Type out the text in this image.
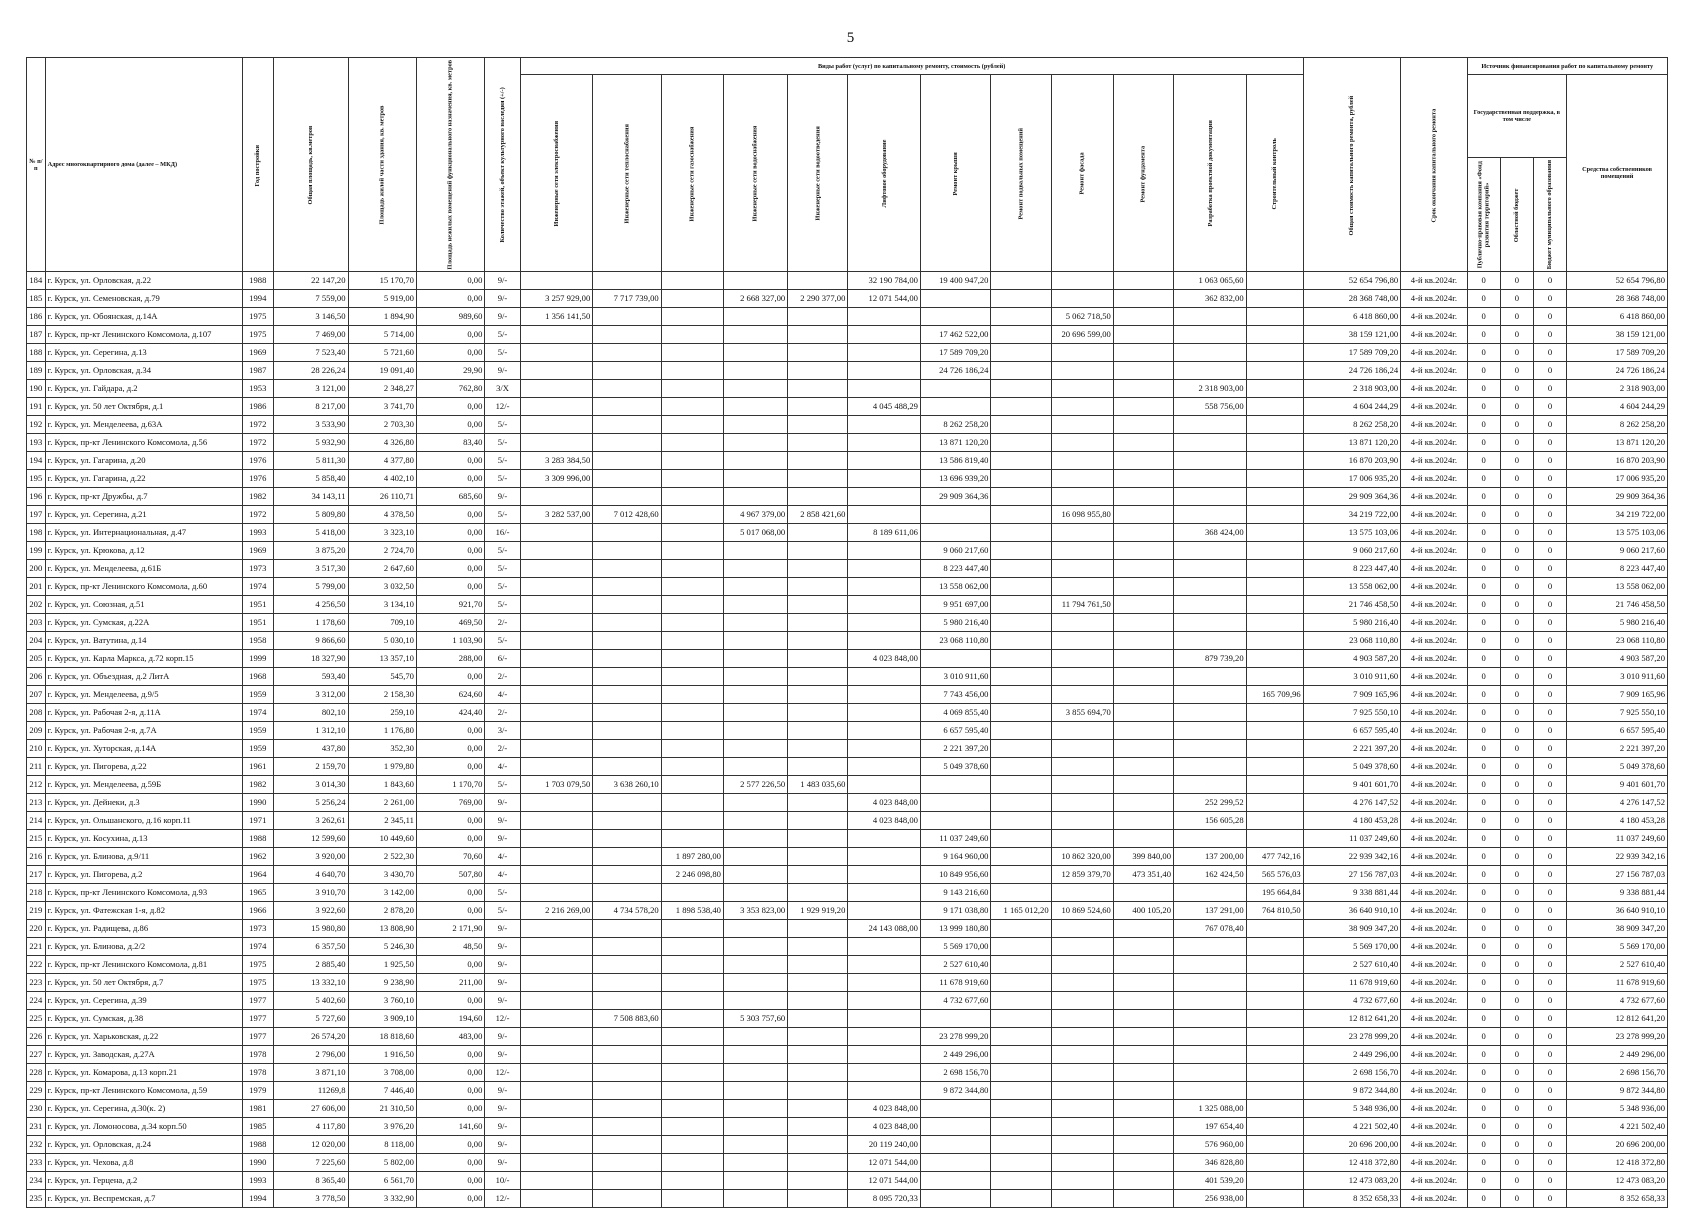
5
№ п/п	Адрес многоквартирного дома (далее – МКД)	Год постройки	Общая площадь, кв.метров	Площадь жилой части здания, кв. метров	Площадь нежилых помещений функционального назначения, кв. метров	Количество этажей, объект культурного наследия (+/-)	Виды работ (услуг) по капитальному ремонту, стоимость (рублей)												Общая стоимость капитального ремонта, рублей	Срок окончания капитального ремонта	Источник финансирования работ по капитальному ремонту			
							Инженерные сети электроснабжения	Инженерные сети теплоснабжения	Инженерные сети газоснабжения	Инженерные сети водоснабжения	Инженерные сети водоотведения	Лифтовое оборудование	Ремонт крыши	Ремонт подвальных помещений	Ремонт фасада	Ремонт фундамента	Разработка проектной документации	Строительный контроль			Государственная поддержка, в том числе			Средства собственников помещений
																					Публично-правовая компания «Фонд развития территорий»	Областной бюджет	Бюджет муниципального образования	
184	г. Курск, ул. Орловская, д.22	1988	22 147,20	15 170,70	0,00	9/-						32 190 784,00	19 400 947,20				1 063 065,60		52 654 796,80	4-й кв.2024г.	0	0	0	52 654 796,80
185	г. Курск, ул. Семеновская, д.79	1994	7 559,00	5 919,00	0,00	9/-	3 257 929,00	7 717 739,00		2 668 327,00	2 290 377,00	12 071 544,00					362 832,00		28 368 748,00	4-й кв.2024г.	0	0	0	28 368 748,00
186	г. Курск, ул. Обоянская, д.14А	1975	3 146,50	1 894,90	989,60	9/-	1 356 141,50								5 062 718,50				6 418 860,00	4-й кв.2024г.	0	0	0	6 418 860,00
187	г. Курск, пр-кт Ленинского Комсомола, д.107	1975	7 469,00	5 714,00	0,00	5/-							17 462 522,00		20 696 599,00				38 159 121,00	4-й кв.2024г.	0	0	0	38 159 121,00
188	г. Курск, ул. Серегина, д.13	1969	7 523,40	5 721,60	0,00	5/-							17 589 709,20						17 589 709,20	4-й кв.2024г.	0	0	0	17 589 709,20
189	г. Курск, ул. Орловская, д.34	1987	28 226,24	19 091,40	29,90	9/-							24 726 186,24						24 726 186,24	4-й кв.2024г.	0	0	0	24 726 186,24
190	г. Курск, ул. Гайдара, д.2	1953	3 121,00	2 348,27	762,80	3/Х											2 318 903,00		2 318 903,00	4-й кв.2024г.	0	0	0	2 318 903,00
191	г. Курск, ул. 50 лет Октября, д.1	1986	8 217,00	3 741,70	0,00	12/-						4 045 488,29					558 756,00		4 604 244,29	4-й кв.2024г.	0	0	0	4 604 244,29
192	г. Курск, ул. Менделеева, д.63А	1972	3 533,90	2 703,30	0,00	5/-							8 262 258,20						8 262 258,20	4-й кв.2024г.	0	0	0	8 262 258,20
193	г. Курск, пр-кт Ленинского Комсомола, д.56	1972	5 932,90	4 326,80	83,40	5/-							13 871 120,20						13 871 120,20	4-й кв.2024г.	0	0	0	13 871 120,20
194	г. Курск, ул. Гагарина, д.20	1976	5 811,30	4 377,80	0,00	5/-	3 283 384,50						13 586 819,40						16 870 203,90	4-й кв.2024г.	0	0	0	16 870 203,90
195	г. Курск, ул. Гагарина, д.22	1976	5 858,40	4 402,10	0,00	5/-	3 309 996,00						13 696 939,20						17 006 935,20	4-й кв.2024г.	0	0	0	17 006 935,20
196	г. Курск, пр-кт Дружбы, д.7	1982	34 143,11	26 110,71	685,60	9/-							29 909 364,36						29 909 364,36	4-й кв.2024г.	0	0	0	29 909 364,36
197	г. Курск, ул. Серегина, д.21	1972	5 809,80	4 378,50	0,00	5/-	3 282 537,00	7 012 428,60		4 967 379,00	2 858 421,60				16 098 955,80				34 219 722,00	4-й кв.2024г.	0	0	0	34 219 722,00
198	г. Курск, ул. Интернациональная, д.47	1993	5 418,00	3 323,10	0,00	16/-				5 017 068,00		8 189 611,06					368 424,00		13 575 103,06	4-й кв.2024г.	0	0	0	13 575 103,06
199	г. Курск, ул. Крюкова, д.12	1969	3 875,20	2 724,70	0,00	5/-							9 060 217,60						9 060 217,60	4-й кв.2024г.	0	0	0	9 060 217,60
200	г. Курск, ул. Менделеева, д.61Б	1973	3 517,30	2 647,60	0,00	5/-							8 223 447,40						8 223 447,40	4-й кв.2024г.	0	0	0	8 223 447,40
201	г. Курск, пр-кт Ленинского Комсомола, д.60	1974	5 799,00	3 032,50	0,00	5/-							13 558 062,00						13 558 062,00	4-й кв.2024г.	0	0	0	13 558 062,00
202	г. Курск, ул. Союзная, д.51	1951	4 256,50	3 134,10	921,70	5/-							9 951 697,00		11 794 761,50				21 746 458,50	4-й кв.2024г.	0	0	0	21 746 458,50
203	г. Курск, ул. Сумская, д.22А	1951	1 178,60	709,10	469,50	2/-							5 980 216,40						5 980 216,40	4-й кв.2024г.	0	0	0	5 980 216,40
204	г. Курск, ул. Ватутина, д.14	1958	9 866,60	5 030,10	1 103,90	5/-							23 068 110,80						23 068 110,80	4-й кв.2024г.	0	0	0	23 068 110,80
205	г. Курск, ул. Карла Маркса, д.72 корп.15	1999	18 327,90	13 357,10	288,00	6/-						4 023 848,00					879 739,20		4 903 587,20	4-й кв.2024г.	0	0	0	4 903 587,20
206	г. Курск, ул. Объездная, д.2 ЛитА	1968	593,40	545,70	0,00	2/-							3 010 911,60						3 010 911,60	4-й кв.2024г.	0	0	0	3 010 911,60
207	г. Курск, ул. Менделеева, д.9/5	1959	3 312,00	2 158,30	624,60	4/-							7 743 456,00					165 709,96	7 909 165,96	4-й кв.2024г.	0	0	0	7 909 165,96
208	г. Курск, ул. Рабочая 2-я, д.11А	1974	802,10	259,10	424,40	2/-							4 069 855,40		3 855 694,70				7 925 550,10	4-й кв.2024г.	0	0	0	7 925 550,10
209	г. Курск, ул. Рабочая 2-я, д.7А	1959	1 312,10	1 176,80	0,00	3/-							6 657 595,40						6 657 595,40	4-й кв.2024г.	0	0	0	6 657 595,40
210	г. Курск, ул. Хуторская, д.14А	1959	437,80	352,30	0,00	2/-							2 221 397,20						2 221 397,20	4-й кв.2024г.	0	0	0	2 221 397,20
211	г. Курск, ул. Пигорева, д.22	1961	2 159,70	1 979,80	0,00	4/-							5 049 378,60						5 049 378,60	4-й кв.2024г.	0	0	0	5 049 378,60
212	г. Курск, ул. Менделеева, д.59Б	1982	3 014,30	1 843,60	1 170,70	5/-	1 703 079,50	3 638 260,10		2 577 226,50	1 483 035,60								9 401 601,70	4-й кв.2024г.	0	0	0	9 401 601,70
213	г. Курск, ул. Дейнеки, д.3	1990	5 256,24	2 261,00	769,00	9/-						4 023 848,00					252 299,52		4 276 147,52	4-й кв.2024г.	0	0	0	4 276 147,52
214	г. Курск, ул. Ольшанского, д.16 корп.11	1971	3 262,61	2 345,11	0,00	9/-						4 023 848,00					156 605,28		4 180 453,28	4-й кв.2024г.	0	0	0	4 180 453,28
215	г. Курск, ул. Косухина, д.13	1988	12 599,60	10 449,60	0,00	9/-							11 037 249,60						11 037 249,60	4-й кв.2024г.	0	0	0	11 037 249,60
216	г. Курск, ул. Блинова, д.9/11	1962	3 920,00	2 522,30	70,60	4/-			1 897 280,00				9 164 960,00		10 862 320,00	399 840,00	137 200,00	477 742,16	22 939 342,16	4-й кв.2024г.	0	0	0	22 939 342,16
217	г. Курск, ул. Пигорева, д.2	1964	4 640,70	3 430,70	507,80	4/-			2 246 098,80				10 849 956,60		12 859 379,70	473 351,40	162 424,50	565 576,03	27 156 787,03	4-й кв.2024г.	0	0	0	27 156 787,03
218	г. Курск, пр-кт Ленинского Комсомола, д.93	1965	3 910,70	3 142,00	0,00	5/-							9 143 216,60					195 664,84	9 338 881,44	4-й кв.2024г.	0	0	0	9 338 881,44
219	г. Курск, ул. Фатежская 1-я, д.82	1966	3 922,60	2 878,20	0,00	5/-	2 216 269,00	4 734 578,20	1 898 538,40	3 353 823,00	1 929 919,20		9 171 038,80	1 165 012,20	10 869 524,60	400 105,20	137 291,00	764 810,50	36 640 910,10	4-й кв.2024г.	0	0	0	36 640 910,10
220	г. Курск, ул. Радищева, д.86	1973	15 980,80	13 808,90	2 171,90	9/-						24 143 088,00	13 999 180,80				767 078,40		38 909 347,20	4-й кв.2024г.	0	0	0	38 909 347,20
221	г. Курск, ул. Блинова, д.2/2	1974	6 357,50	5 246,30	48,50	9/-							5 569 170,00						5 569 170,00	4-й кв.2024г.	0	0	0	5 569 170,00
222	г. Курск, пр-кт Ленинского Комсомола, д.81	1975	2 885,40	1 925,50	0,00	9/-							2 527 610,40						2 527 610,40	4-й кв.2024г.	0	0	0	2 527 610,40
223	г. Курск, ул. 50 лет Октября, д.7	1975	13 332,10	9 238,90	211,00	9/-							11 678 919,60						11 678 919,60	4-й кв.2024г.	0	0	0	11 678 919,60
224	г. Курск, ул. Серегина, д.39	1977	5 402,60	3 760,10	0,00	9/-							4 732 677,60						4 732 677,60	4-й кв.2024г.	0	0	0	4 732 677,60
225	г. Курск, ул. Сумская, д.38	1977	5 727,60	3 909,10	194,60	12/-		7 508 883,60		5 303 757,60									12 812 641,20	4-й кв.2024г.	0	0	0	12 812 641,20
226	г. Курск, ул. Харьковская, д.22	1977	26 574,20	18 818,60	483,00	9/-							23 278 999,20						23 278 999,20	4-й кв.2024г.	0	0	0	23 278 999,20
227	г. Курск, ул. Заводская, д.27А	1978	2 796,00	1 916,50	0,00	9/-							2 449 296,00						2 449 296,00	4-й кв.2024г.	0	0	0	2 449 296,00
228	г. Курск, ул. Комарова, д.13 корп.21	1978	3 871,10	3 708,00	0,00	12/-							2 698 156,70						2 698 156,70	4-й кв.2024г.	0	0	0	2 698 156,70
229	г. Курск, пр-кт Ленинского Комсомола, д.59	1979	11269,8	7 446,40	0,00	9/-							9 872 344,80						9 872 344,80	4-й кв.2024г.	0	0	0	9 872 344,80
230	г. Курск, ул. Серегина, д.30(к. 2)	1981	27 606,00	21 310,50	0,00	9/-						4 023 848,00					1 325 088,00		5 348 936,00	4-й кв.2024г.	0	0	0	5 348 936,00
231	г. Курск, ул. Ломоносова, д.34 корп.50	1985	4 117,80	3 976,20	141,60	9/-						4 023 848,00					197 654,40		4 221 502,40	4-й кв.2024г.	0	0	0	4 221 502,40
232	г. Курск, ул. Орловская, д.24	1988	12 020,00	8 118,00	0,00	9/-						20 119 240,00					576 960,00		20 696 200,00	4-й кв.2024г.	0	0	0	20 696 200,00
233	г. Курск, ул. Чехова, д.8	1990	7 225,60	5 802,00	0,00	9/-						12 071 544,00					346 828,80		12 418 372,80	4-й кв.2024г.	0	0	0	12 418 372,80
234	г. Курск, ул. Герцена, д.2	1993	8 365,40	6 561,70	0,00	10/-						12 071 544,00					401 539,20		12 473 083,20	4-й кв.2024г.	0	0	0	12 473 083,20
235	г. Курск, ул. Веспремская, д.7	1994	3 778,50	3 332,90	0,00	12/-						8 095 720,33					256 938,00		8 352 658,33	4-й кв.2024г.	0	0	0	8 352 658,33
